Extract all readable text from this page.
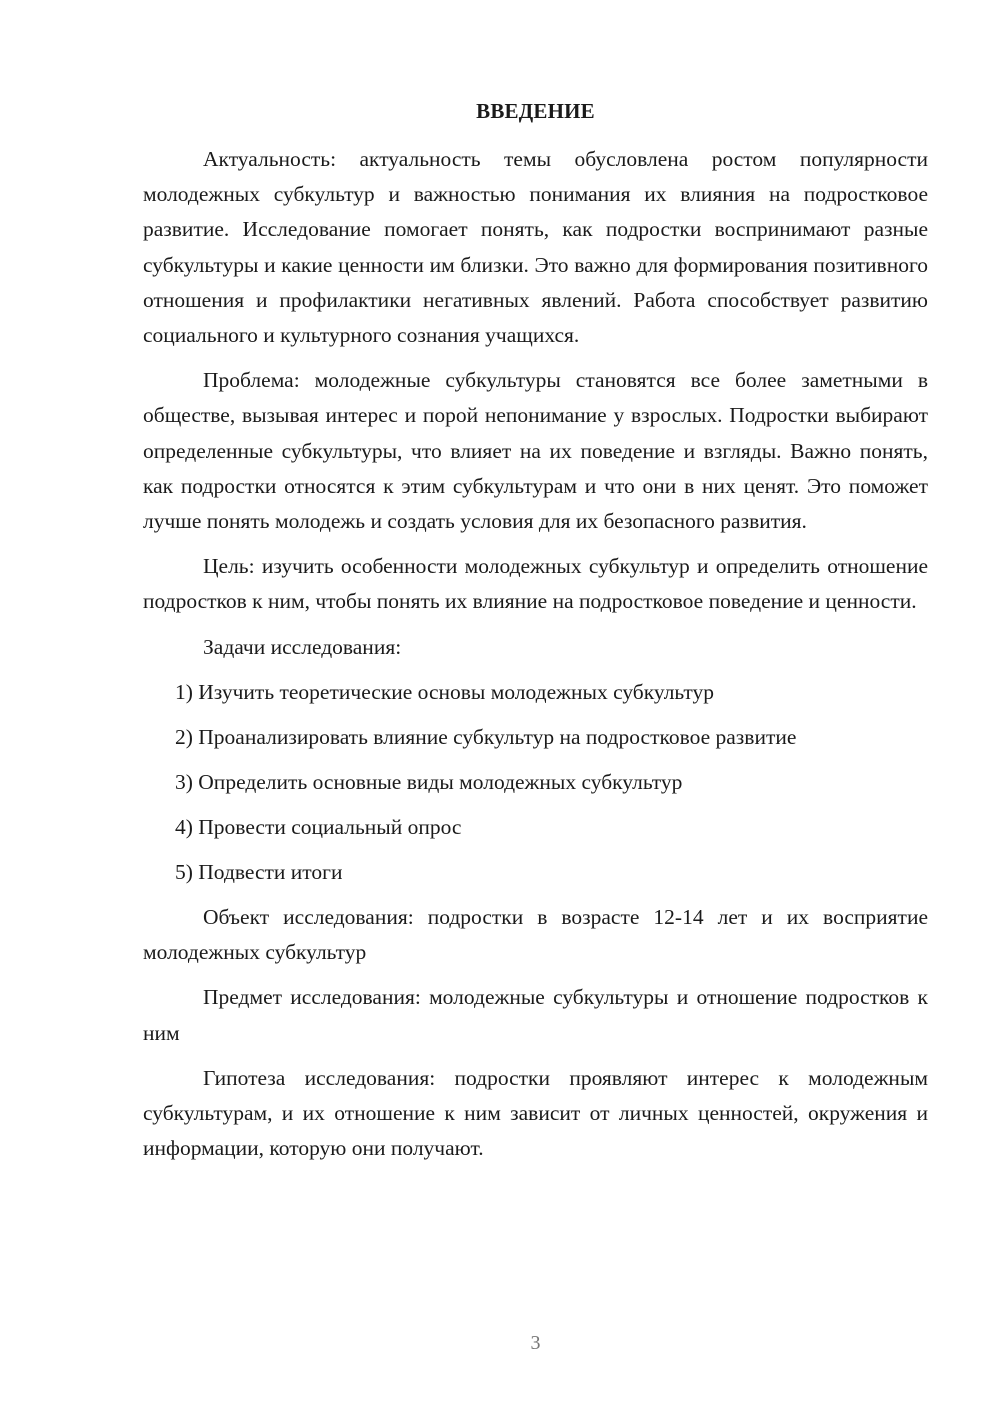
ВВЕДЕНИЕ

Актуальность: актуальность темы обусловлена ростом популярности молодежных субкультур и важностью понимания их влияния на подростковое развитие. Исследование помогает понять, как подростки воспринимают разные субкультуры и какие ценности им близки. Это важно для формирования позитивного отношения и профилактики негативных явлений. Работа способствует развитию социального и культурного сознания учащихся.

Проблема: молодежные субкультуры становятся все более заметными в обществе, вызывая интерес и порой непонимание у взрослых. Подростки выбирают определенные субкультуры, что влияет на их поведение и взгляды. Важно понять, как подростки относятся к этим субкультурам и что они в них ценят. Это поможет лучше понять молодежь и создать условия для их безопасного развития.

Цель: изучить особенности молодежных субкультур и определить отношение подростков к ним, чтобы понять их влияние на подростковое поведение и ценности.

Задачи исследования:

1) Изучить теоретические основы молодежных субкультур
2) Проанализировать влияние субкультур на подростковое развитие
3) Определить основные виды молодежных субкультур
4) Провести социальный опрос
5) Подвести итоги

Объект исследования: подростки в возрасте 12-14 лет и их восприятие молодежных субкультур

Предмет исследования: молодежные субкультуры и отношение подростков к ним

Гипотеза исследования: подростки проявляют интерес к молодежным субкультурам, и их отношение к ним зависит от личных ценностей, окружения и информации, которую они получают.

3
